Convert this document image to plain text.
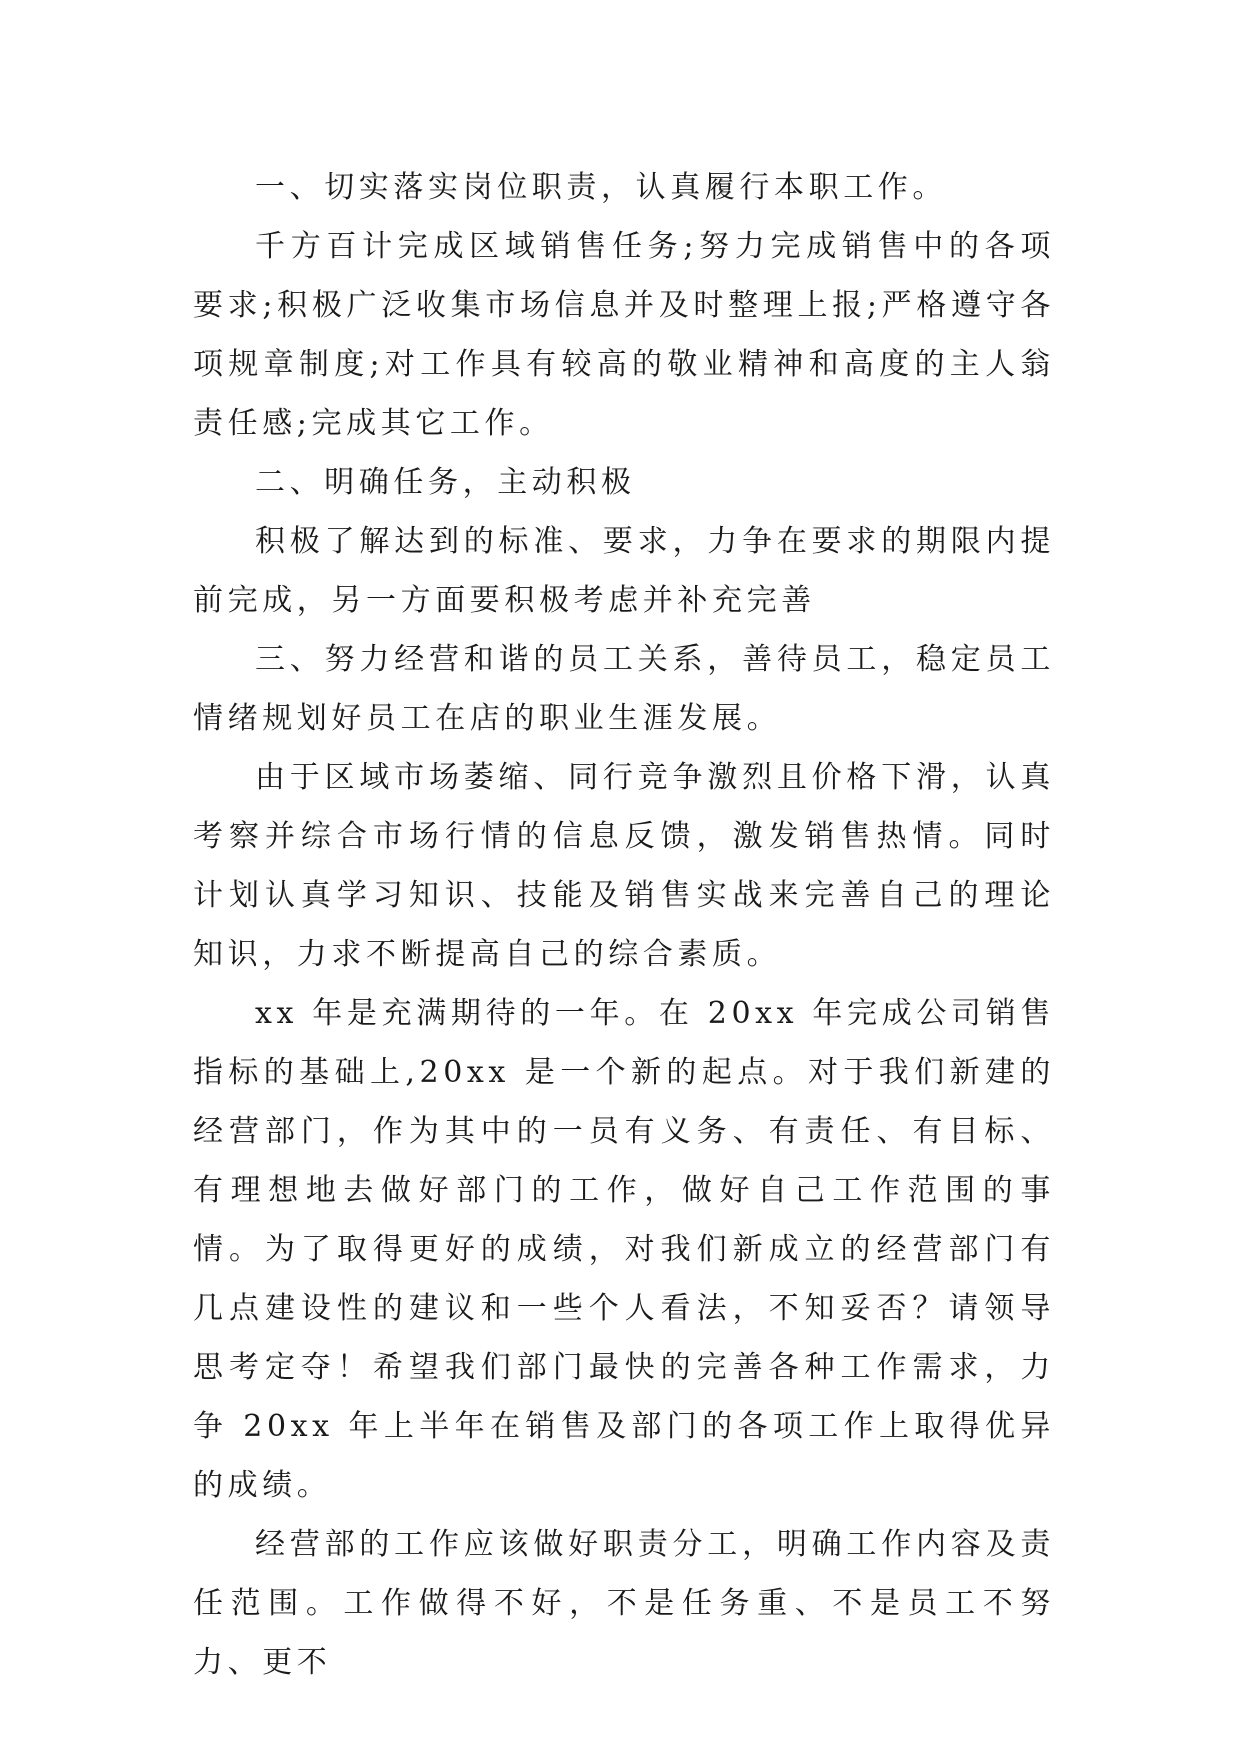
一、切实落实岗位职责，认真履行本职工作。

千方百计完成区域销售任务;努力完成销售中的各项要求;积极广泛收集市场信息并及时整理上报;严格遵守各项规章制度;对工作具有较高的敬业精神和高度的主人翁责任感;完成其它工作。

二、明确任务，主动积极

积极了解达到的标准、要求，力争在要求的期限内提前完成，另一方面要积极考虑并补充完善

三、努力经营和谐的员工关系，善待员工，稳定员工情绪规划好员工在店的职业生涯发展。

由于区域市场萎缩、同行竞争激烈且价格下滑，认真考察并综合市场行情的信息反馈，激发销售热情。同时计划认真学习知识、技能及销售实战来完善自己的理论知识，力求不断提高自己的综合素质。

xx 年是充满期待的一年。在 20xx 年完成公司销售指标的基础上,20xx 是一个新的起点。对于我们新建的经营部门，作为其中的一员有义务、有责任、有目标、有理想地去做好部门的工作，做好自己工作范围的事情。为了取得更好的成绩，对我们新成立的经营部门有几点建设性的建议和一些个人看法，不知妥否？请领导思考定夺！希望我们部门最快的完善各种工作需求，力争 20xx 年上半年在销售及部门的各项工作上取得优异的成绩。

经营部的工作应该做好职责分工，明确工作内容及责任范围。工作做得不好，不是任务重、不是员工不努力、更不
